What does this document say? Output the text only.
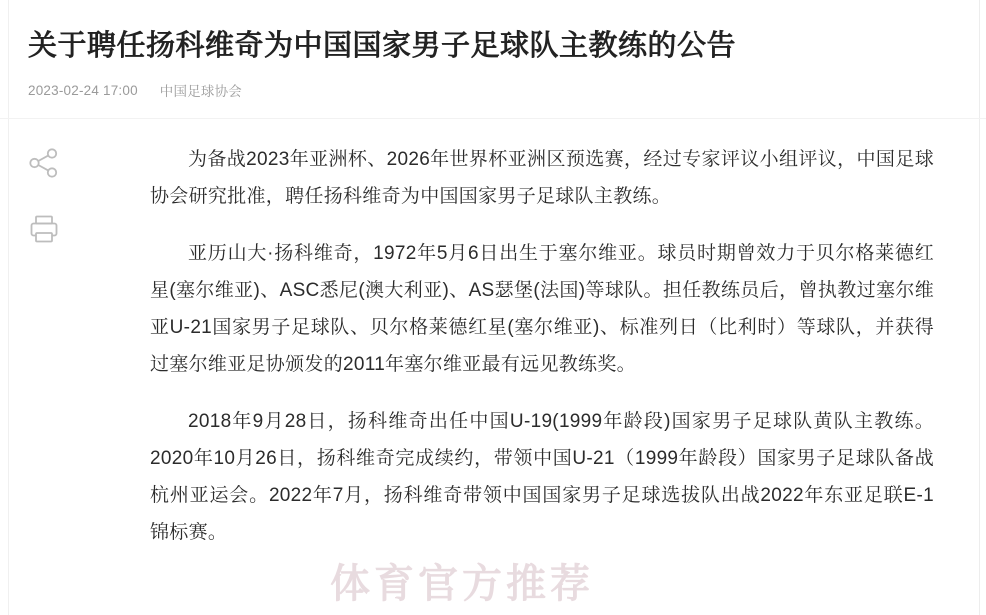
关于聘任扬科维奇为中国国家男子足球队主教练的公告
2023-02-24 17:00 中国足球协会

为备战2023年亚洲杯、2026年世界杯亚洲区预选赛，经过专家评议小组评议，中国足球协会研究批准，聘任扬科维奇为中国国家男子足球队主教练。

亚历山大·扬科维奇，1972年5月6日出生于塞尔维亚。球员时期曾效力于贝尔格莱德红星(塞尔维亚)、ASC悉尼(澳大利亚)、AS瑟堡(法国)等球队。担任教练员后，曾执教过塞尔维亚U-21国家男子足球队、贝尔格莱德红星(塞尔维亚)、标准列日（比利时）等球队，并获得过塞尔维亚足协颁发的2011年塞尔维亚最有远见教练奖。

2018年9月28日，扬科维奇出任中国U-19(1999年龄段)国家男子足球队黄队主教练。2020年10月26日，扬科维奇完成续约，带领中国U-21（1999年龄段）国家男子足球队备战杭州亚运会。2022年7月，扬科维奇带领中国国家男子足球选拔队出战2022年东亚足联E-1锦标赛。

体育官方推荐
